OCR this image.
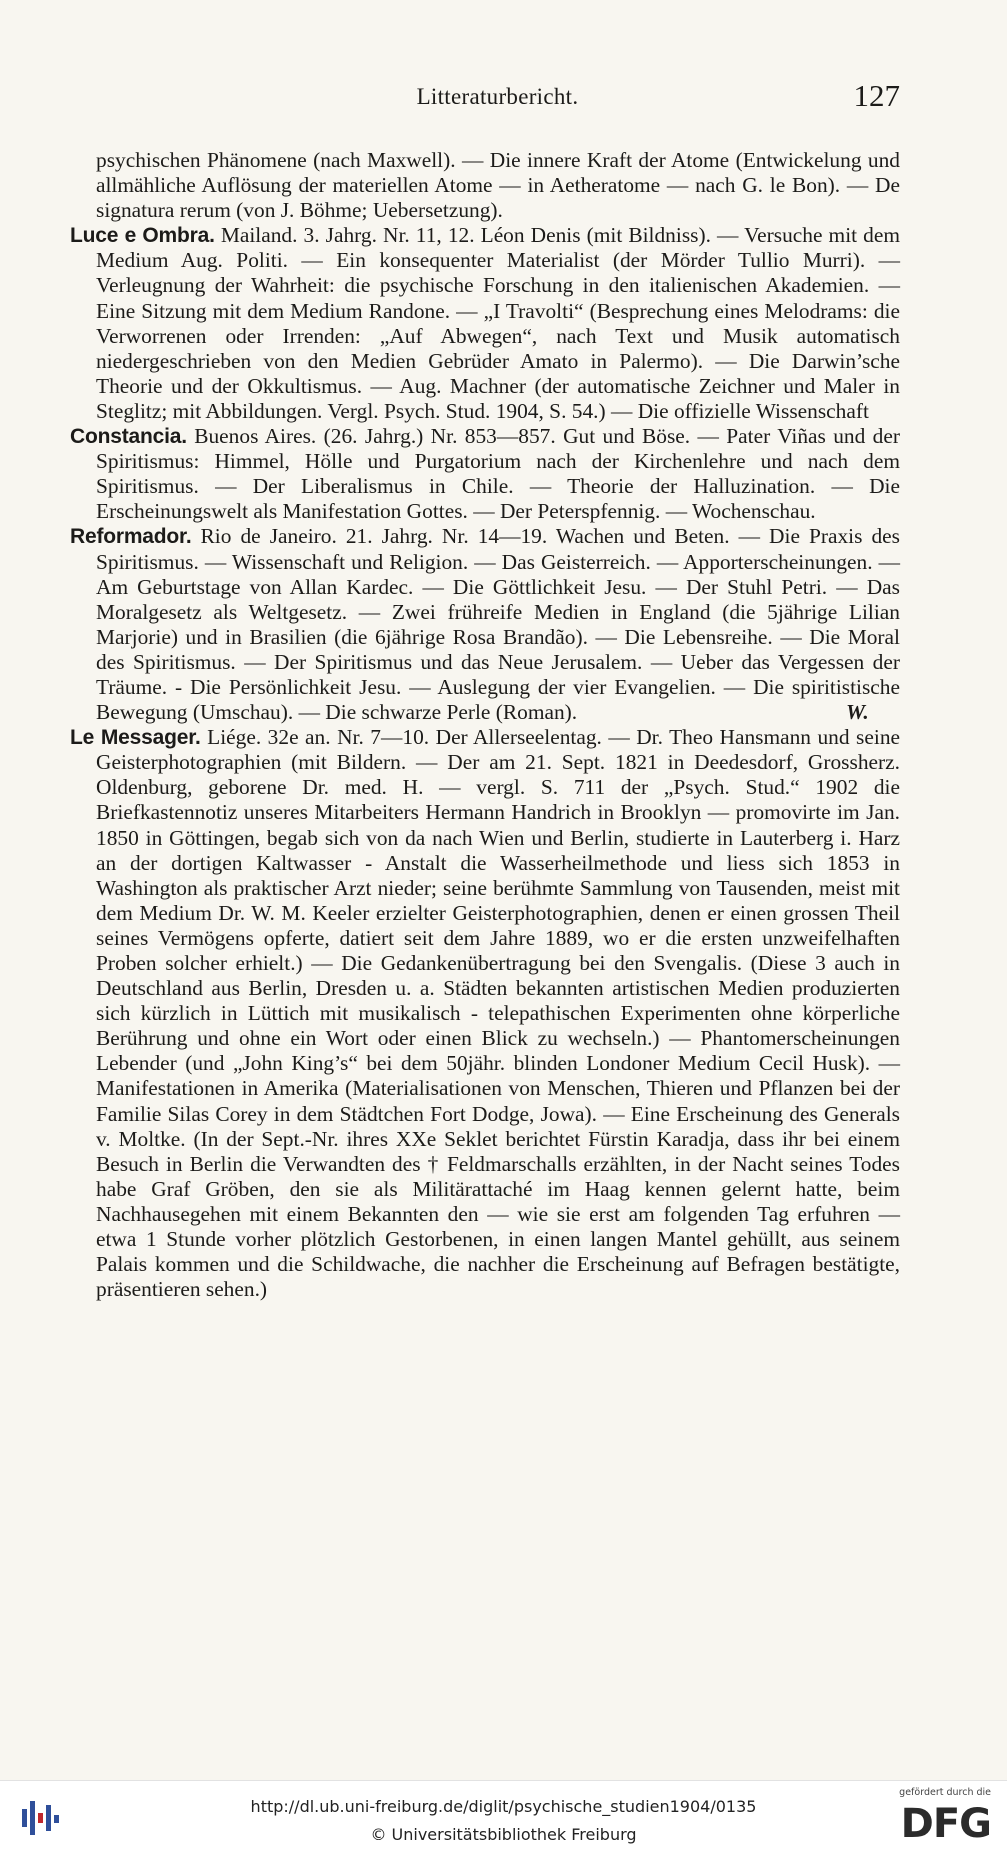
Litteraturbericht.	127

psychischen Phänomene (nach Maxwell). — Die innere Kraft der Atome (Entwickelung und allmähliche Auflösung der materiellen Atome — in Aetheratome — nach G. le Bon). — De signatura rerum (von J. Böhme; Uebersetzung).

Luce e Ombra. Mailand. 3. Jahrg. Nr. 11, 12. Léon Denis (mit Bildniss). — Versuche mit dem Medium Aug. Politi. — Ein konsequenter Materialist (der Mörder Tullio Murri). — Verleugnung der Wahrheit: die psychische Forschung in den italienischen Akademien. — Eine Sitzung mit dem Medium Randone. — „I Travolti“ (Besprechung eines Melodrams: die Verworrenen oder Irrenden: „Auf Abwegen“, nach Text und Musik automatisch niedergeschrieben von den Medien Gebrüder Amato in Palermo). — Die Darwin’sche Theorie und der Okkultismus. — Aug. Machner (der automatische Zeichner und Maler in Steglitz; mit Abbildungen. Vergl. Psych. Stud. 1904, S. 54.) — Die offizielle Wissenschaft

Constancia. Buenos Aires. (26. Jahrg.) Nr. 853—857. Gut und Böse. — Pater Viñas und der Spiritismus: Himmel, Hölle und Purgatorium nach der Kirchenlehre und nach dem Spiritismus. — Der Liberalismus in Chile. — Theorie der Halluzination. — Die Erscheinungswelt als Manifestation Gottes. — Der Peterspfennig. — Wochenschau.

Reformador. Rio de Janeiro. 21. Jahrg. Nr. 14—19. Wachen und Beten. — Die Praxis des Spiritismus. — Wissenschaft und Religion. — Das Geisterreich. — Apporterscheinungen. — Am Geburtstage von Allan Kardec. — Die Göttlichkeit Jesu. — Der Stuhl Petri. — Das Moralgesetz als Weltgesetz. — Zwei frühreife Medien in England (die 5jährige Lilian Marjorie) und in Brasilien (die 6jährige Rosa Brandão). — Die Lebensreihe. — Die Moral des Spiritismus. — Der Spiritismus und das Neue Jerusalem. — Ueber das Vergessen der Träume. - Die Persönlichkeit Jesu. — Auslegung der vier Evangelien. — Die spiritistische Bewegung (Umschau). — Die schwarze Perle (Roman).	W.

Le Messager. Liége. 32e an. Nr. 7—10. Der Allerseelentag. — Dr. Theo Hansmann und seine Geisterphotographien (mit Bildern. — Der am 21. Sept. 1821 in Deedesdorf, Grossherz. Oldenburg, geborene Dr. med. H. — vergl. S. 711 der „Psych. Stud.“ 1902 die Briefkastennotiz unseres Mitarbeiters Hermann Handrich in Brooklyn — promovirte im Jan. 1850 in Göttingen, begab sich von da nach Wien und Berlin, studierte in Lauterberg i. Harz an der dortigen Kaltwasser - Anstalt die Wasserheilmethode und liess sich 1853 in Washington als praktischer Arzt nieder; seine berühmte Sammlung von Tausenden, meist mit dem Medium Dr. W. M. Keeler erzielter Geisterphotographien, denen er einen grossen Theil seines Vermögens opferte, datiert seit dem Jahre 1889, wo er die ersten unzweifelhaften Proben solcher erhielt.) — Die Gedankenübertragung bei den Svengalis. (Diese 3 auch in Deutschland aus Berlin, Dresden u. a. Städten bekannten artistischen Medien produzierten sich kürzlich in Lüttich mit musikalisch - telepathischen Experimenten ohne körperliche Berührung und ohne ein Wort oder einen Blick zu wechseln.) — Phantomerscheinungen Lebender (und „John King’s“ bei dem 50jähr. blinden Londoner Medium Cecil Husk). — Manifestationen in Amerika (Materialisationen von Menschen, Thieren und Pflanzen bei der Familie Silas Corey in dem Städtchen Fort Dodge, Jowa). — Eine Erscheinung des Generals v. Moltke. (In der Sept.-Nr. ihres XXe Seklet berichtet Fürstin Karadja, dass ihr bei einem Besuch in Berlin die Verwandten des † Feldmarschalls erzählten, in der Nacht seines Todes habe Graf Gröben, den sie als Militärattaché im Haag kennen gelernt hatte, beim Nachhausegehen mit einem Bekannten den — wie sie erst am folgenden Tag erfuhren — etwa 1 Stunde vorher plötzlich Gestorbenen, in einen langen Mantel gehüllt, aus seinem Palais kommen und die Schildwache, die nachher die Erscheinung auf Befragen bestätigte, präsentieren sehen.)

http://dl.ub.uni-freiburg.de/diglit/psychische_studien1904/0135
© Universitätsbibliothek Freiburg
gefördert durch die
DFG
